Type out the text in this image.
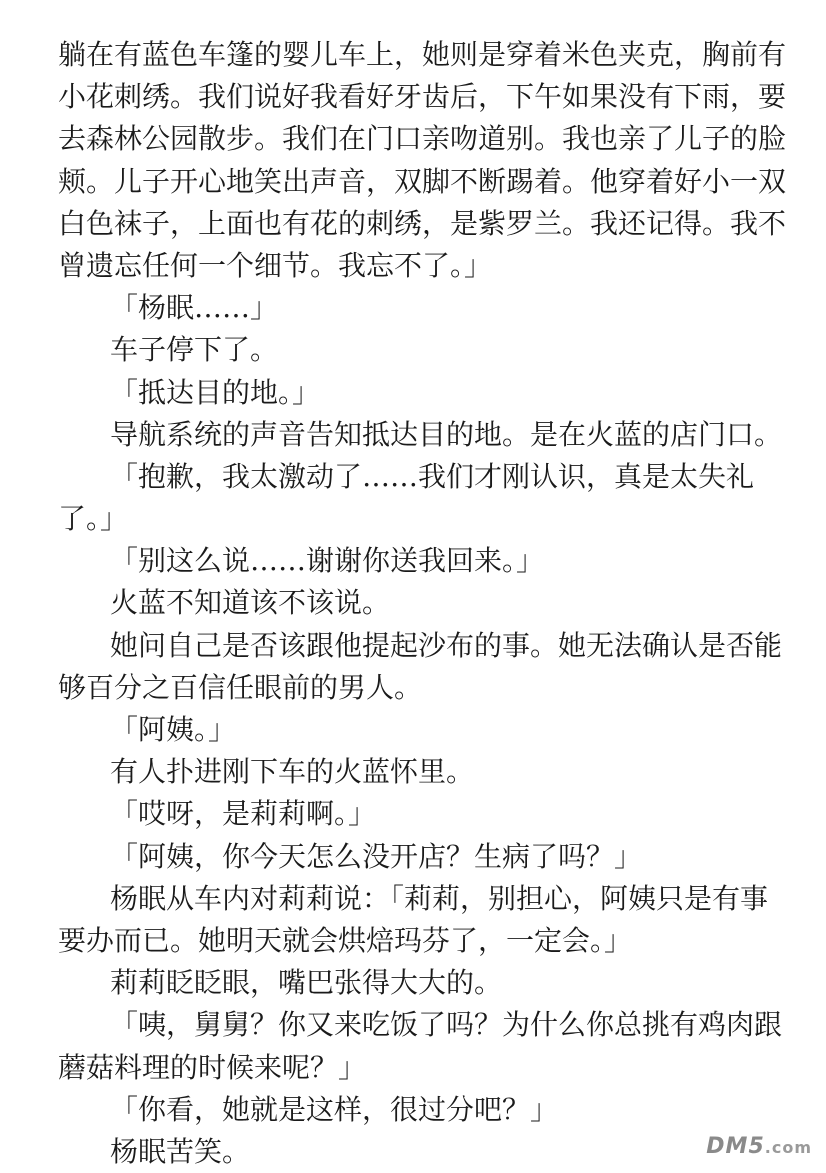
躺在有蓝色车篷的婴儿车上，她则是穿着米色夹克，胸前有
小花刺绣。我们说好我看好牙齿后，下午如果没有下雨，要
去森林公园散步。我们在门口亲吻道别。我也亲了儿子的脸
颊。儿子开心地笑出声音，双脚不断踢着。他穿着好小一双
白色袜子，上面也有花的刺绣，是紫罗兰。我还记得。我不
曾遗忘任何一个细节。我忘不了。」
「杨眠……」
车子停下了。
「抵达目的地。」
导航系统的声音告知抵达目的地。是在火蓝的店门口。
「抱歉，我太激动了……我们才刚认识，真是太失礼
了。」
「别这么说……谢谢你送我回来。」
火蓝不知道该不该说。
她问自己是否该跟他提起沙布的事。她无法确认是否能
够百分之百信任眼前的男人。
「阿姨。」
有人扑进刚下车的火蓝怀里。
「哎呀，是莉莉啊。」
「阿姨，你今天怎么没开店？生病了吗？」
杨眠从车内对莉莉说：「莉莉，别担心，阿姨只是有事
要办而已。她明天就会烘焙玛芬了，一定会。」
莉莉眨眨眼，嘴巴张得大大的。
「咦，舅舅？你又来吃饭了吗？为什么你总挑有鸡肉跟
蘑菇料理的时候来呢？」
「你看，她就是这样，很过分吧？」
杨眠苦笑。	DM5.com
